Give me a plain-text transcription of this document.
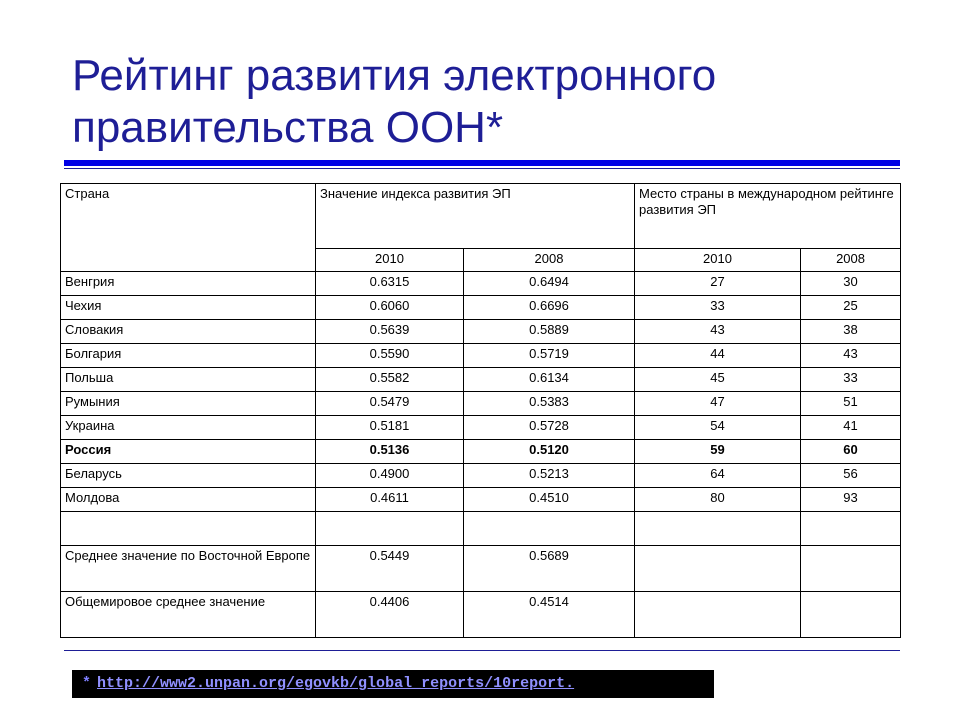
Рейтинг развития электронного
правительства ООН*
Страна	Значение индекса развития ЭП		Место страны в международном рейтинге развития ЭП	
	2010	2008	2010	2008
Венгрия	0.6315	0.6494	27	30
Чехия	0.6060	0.6696	33	25
Словакия	0.5639	0.5889	43	38
Болгария	0.5590	0.5719	44	43
Польша	0.5582	0.6134	45	33
Румыния	0.5479	0.5383	47	51
Украина	0.5181	0.5728	54	41
Россия	0.5136	0.5120	59	60
Беларусь	0.4900	0.5213	64	56
Молдова	0.4611	0.4510	80	93

Среднее значение по Восточной Европе	0.5449	0.5689		
Общемировое среднее значение	0.4406	0.4514		
* http://www2.unpan.org/egovkb/global_reports/10report.
